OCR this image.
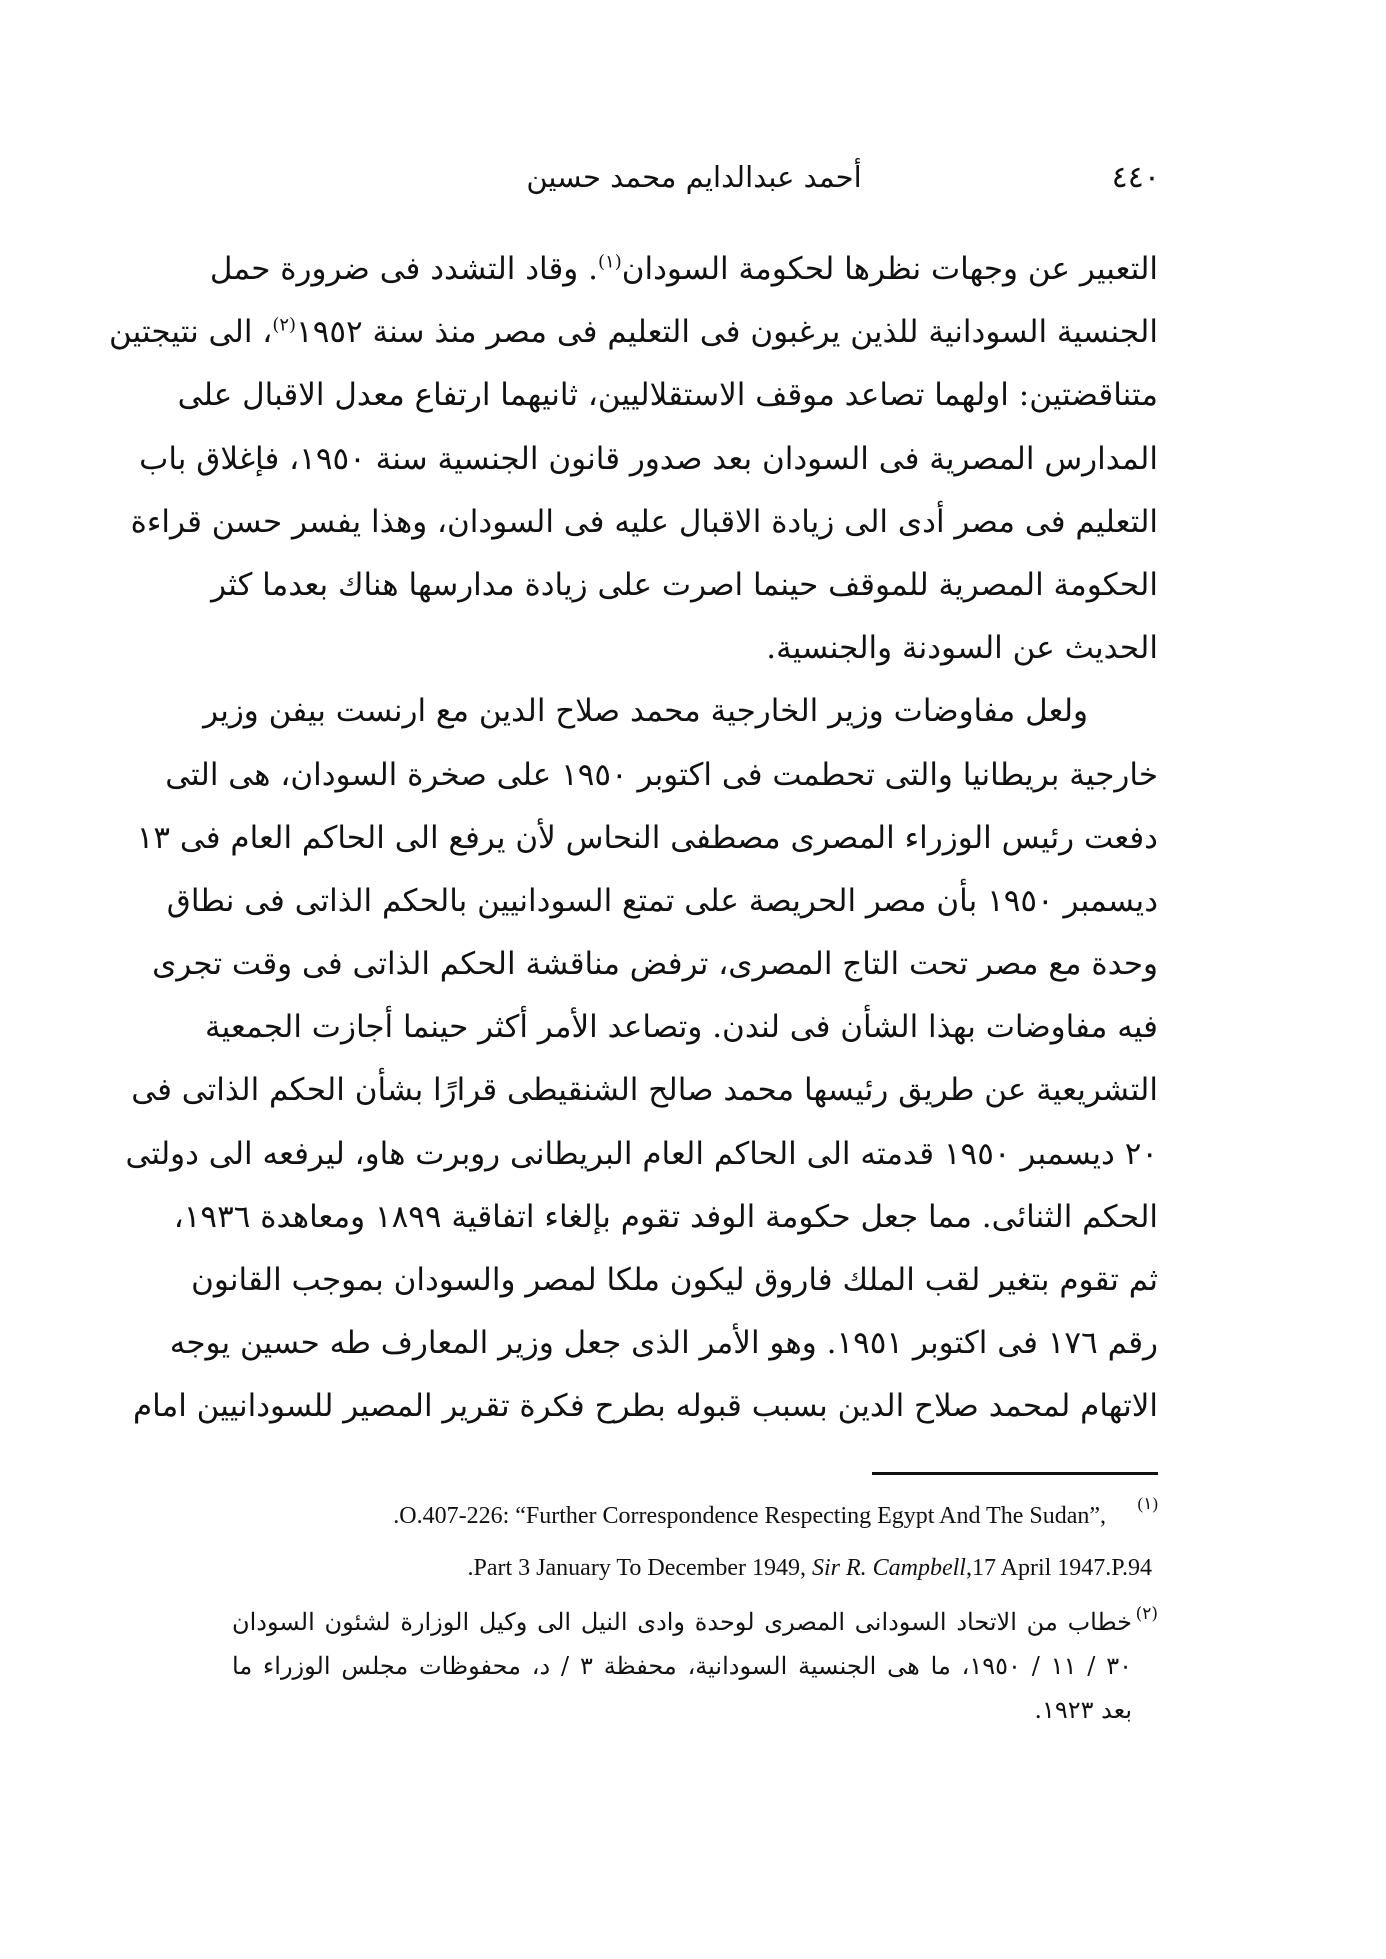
٤٤٠
أحمد عبدالدايم محمد حسين
التعبير عن وجهات نظرها لحكومة السودان$^{(١)}$. وقاد التشدد فى ضرورة حمل
الجنسية السودانية للذين يرغبون فى التعليم فى مصر منذ سنة ١٩٥٢$^{(٢)}$، الى نتيجتين
متناقضتين: اولهما تصاعد موقف الاستقلاليين، ثانيهما ارتفاع معدل الاقبال على
المدارس المصرية فى السودان بعد صدور قانون الجنسية سنة ١٩٥٠، فإغلاق باب
التعليم فى مصر أدى الى زيادة الاقبال عليه فى السودان، وهذا يفسر حسن قراءة
الحكومة المصرية للموقف حينما اصرت على زيادة مدارسها هناك بعدما كثر
الحديث عن السودنة والجنسية.
ولعل مفاوضات وزير الخارجية محمد صلاح الدين مع ارنست بيفن وزير
خارجية بريطانيا والتى تحطمت فى اكتوبر ١٩٥٠ على صخرة السودان، هى التى
دفعت رئيس الوزراء المصرى مصطفى النحاس لأن يرفع الى الحاكم العام فى ١٣
ديسمبر ١٩٥٠ بأن مصر الحريصة على تمتع السودانيين بالحكم الذاتى فى نطاق
وحدة مع مصر تحت التاج المصرى، ترفض مناقشة الحكم الذاتى فى وقت تجرى
فيه مفاوضات بهذا الشأن فى لندن. وتصاعد الأمر أكثر حينما أجازت الجمعية
التشريعية عن طريق رئيسها محمد صالح الشنقيطى قرارًا بشأن الحكم الذاتى فى
٢٠ ديسمبر ١٩٥٠ قدمته الى الحاكم العام البريطانى روبرت هاو، ليرفعه الى دولتى
الحكم الثنائى. مما جعل حكومة الوفد تقوم بإلغاء اتفاقية ١٨٩٩ ومعاهدة ١٩٣٦،
ثم تقوم بتغير لقب الملك فاروق ليكون ملكا لمصر والسودان بموجب القانون
رقم ١٧٦ فى اكتوبر ١٩٥١. وهو الأمر الذى جعل وزير المعارف طه حسين يوجه
الاتهام لمحمد صلاح الدين بسبب قبوله بطرح فكرة تقرير المصير للسودانيين امام
(١)
.O.407-226: “Further Correspondence Respecting Egypt And The Sudan”,
.Part 3 January To December 1949, Sir R. Campbell,17 April 1947.P.94
(٢)
خطاب من الاتحاد السودانى المصرى لوحدة وادى النيل الى وكيل الوزارة لشئون السودان
٣٠ / ١١ / ١٩٥٠، ما هى الجنسية السودانية، محفظة ٣ / د، محفوظات مجلس الوزراء ما
بعد ١٩٢٣.
